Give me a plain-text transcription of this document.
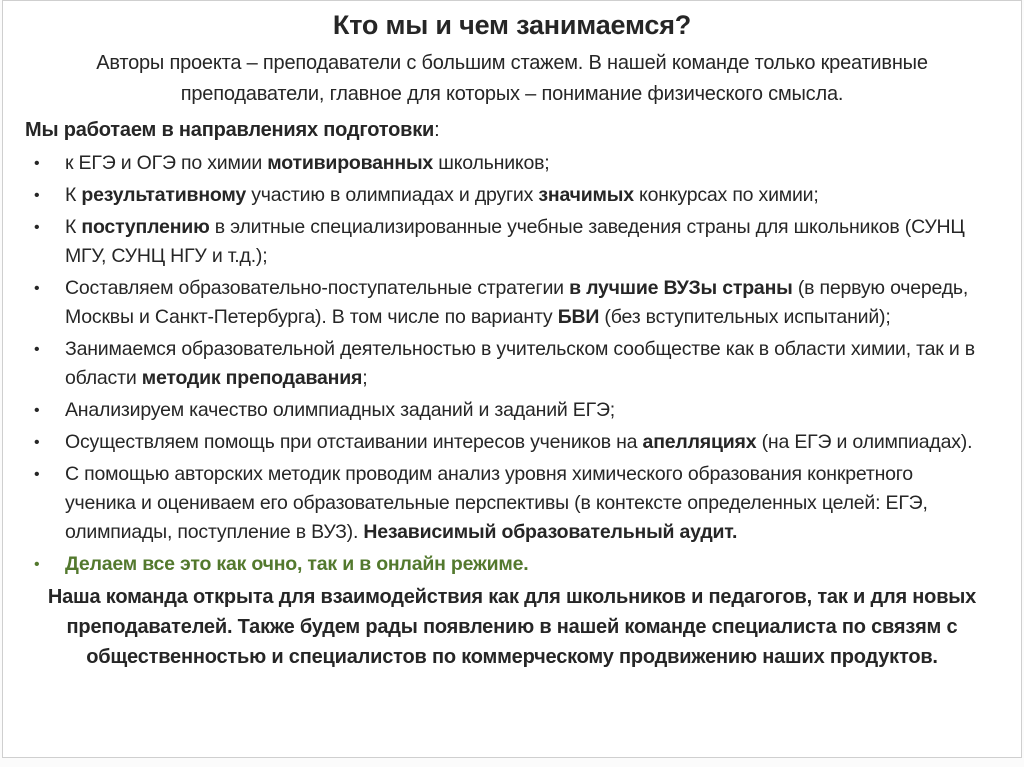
Кто мы и чем занимаемся?

Авторы проекта – преподаватели с большим стажем. В нашей команде только креативные преподаватели, главное для которых – понимание физического смысла.

Мы работаем в направлениях подготовки:

• к ЕГЭ и ОГЭ по химии мотивированных школьников;
• К результативному участию в олимпиадах и других значимых конкурсах по химии;
• К поступлению в элитные специализированные учебные заведения страны для школьников (СУНЦ МГУ, СУНЦ НГУ и т.д.);
• Составляем образовательно-поступательные стратегии в лучшие ВУЗы страны (в первую очередь, Москвы и Санкт-Петербурга). В том числе по варианту БВИ (без вступительных испытаний);
• Занимаемся образовательной деятельностью в учительском сообществе как в области химии, так и в области методик преподавания;
• Анализируем качество олимпиадных заданий и заданий ЕГЭ;
• Осуществляем помощь при отстаивании интересов учеников на апелляциях (на ЕГЭ и олимпиадах).
• С помощью авторских методик проводим анализ уровня химического образования конкретного ученика и оцениваем его образовательные перспективы (в контексте определенных целей: ЕГЭ, олимпиады, поступление в ВУЗ). Независимый образовательный аудит.
• Делаем все это как очно, так и в онлайн режиме.

Наша команда открыта для взаимодействия как для школьников и педагогов, так и для новых преподавателей. Также будем рады появлению в нашей команде специалиста по связям с общественностью и специалистов по коммерческому продвижению наших продуктов.
